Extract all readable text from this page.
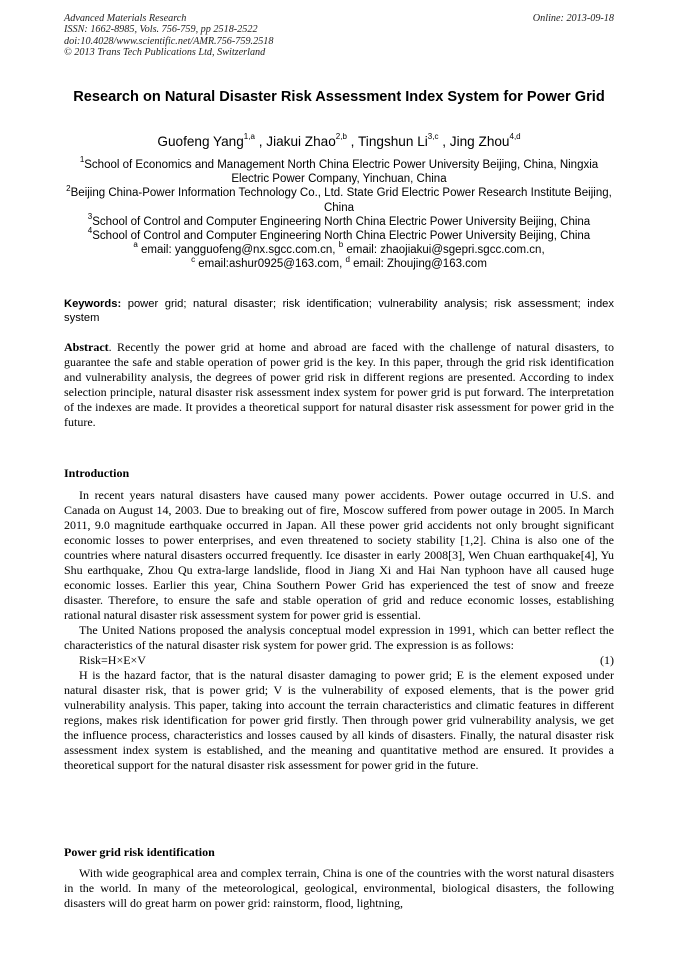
Advanced Materials Research
ISSN: 1662-8985, Vols. 756-759, pp 2518-2522
doi:10.4028/www.scientific.net/AMR.756-759.2518
© 2013 Trans Tech Publications Ltd, Switzerland
Online: 2013-09-18
Research on Natural Disaster Risk Assessment Index System for Power Grid
Guofeng Yang$^{1,a}$ , Jiakui Zhao$^{2,b}$ , Tingshun Li$^{3,c}$ , Jing Zhou$^{4,d}$
$^1$School of Economics and Management North China Electric Power University Beijing, China, Ningxia Electric Power Company, Yinchuan, China
$^2$Beijing China-Power Information Technology Co., Ltd. State Grid Electric Power Research Institute Beijing, China
$^3$School of Control and Computer Engineering North China Electric Power University Beijing, China
$^4$School of Control and Computer Engineering North China Electric Power University Beijing, China
$^a$ email: yangguofeng@nx.sgcc.com.cn, $^b$ email: zhaojiakui@sgepri.sgcc.com.cn,
$^c$ email:ashur0925@163.com, $^d$ email: Zhoujing@163.com
Keywords: power grid; natural disaster; risk identification; vulnerability analysis; risk assessment; index system
Abstract. Recently the power grid at home and abroad are faced with the challenge of natural disasters, to guarantee the safe and stable operation of power grid is the key. In this paper, through the grid risk identification and vulnerability analysis, the degrees of power grid risk in different regions are presented. According to index selection principle, natural disaster risk assessment index system for power grid is put forward. The interpretation of the indexes are made. It provides a theoretical support for natural disaster risk assessment for power grid in the future.
Introduction

In recent years natural disasters have caused many power accidents. Power outage occurred in U.S. and Canada on August 14, 2003. Due to breaking out of fire, Moscow suffered from power outage in 2005. In March 2011, 9.0 magnitude earthquake occurred in Japan. All these power grid accidents not only brought significant economic losses to power enterprises, and even threatened to society stability [1,2]. China is also one of the countries where natural disasters occurred frequently. Ice disaster in early 2008[3], Wen Chuan earthquake[4], Yu Shu earthquake, Zhou Qu extra-large landslide, flood in Jiang Xi and Hai Nan typhoon have all caused huge economic losses. Earlier this year, China Southern Power Grid has experienced the test of snow and freeze disaster. Therefore, to ensure the safe and stable operation of grid and reduce economic losses, establishing rational natural disaster risk assessment system for power grid is essential.

The United Nations proposed the analysis conceptual model expression in 1991, which can better reflect the characteristics of the natural disaster risk system for power grid. The expression is as follows:

Risk=H×E×V	(1)

H is the hazard factor, that is the natural disaster damaging to power grid; E is the element exposed under natural disaster risk, that is power grid; V is the vulnerability of exposed elements, that is the power grid vulnerability analysis. This paper, taking into account the terrain characteristics and climatic features in different regions, makes risk identification for power grid firstly. Then through power grid vulnerability analysis, we get the influence process, characteristics and losses caused by all kinds of disasters. Finally, the natural disaster risk assessment index system is established, and the meaning and quantitative method are ensured. It provides a theoretical support for the natural disaster risk assessment for power grid in the future.

Power grid risk identification

With wide geographical area and complex terrain, China is one of the countries with the worst natural disasters in the world. In many of the meteorological, geological, environmental, biological disasters, the following disasters will do great harm on power grid: rainstorm, flood, lightning,
